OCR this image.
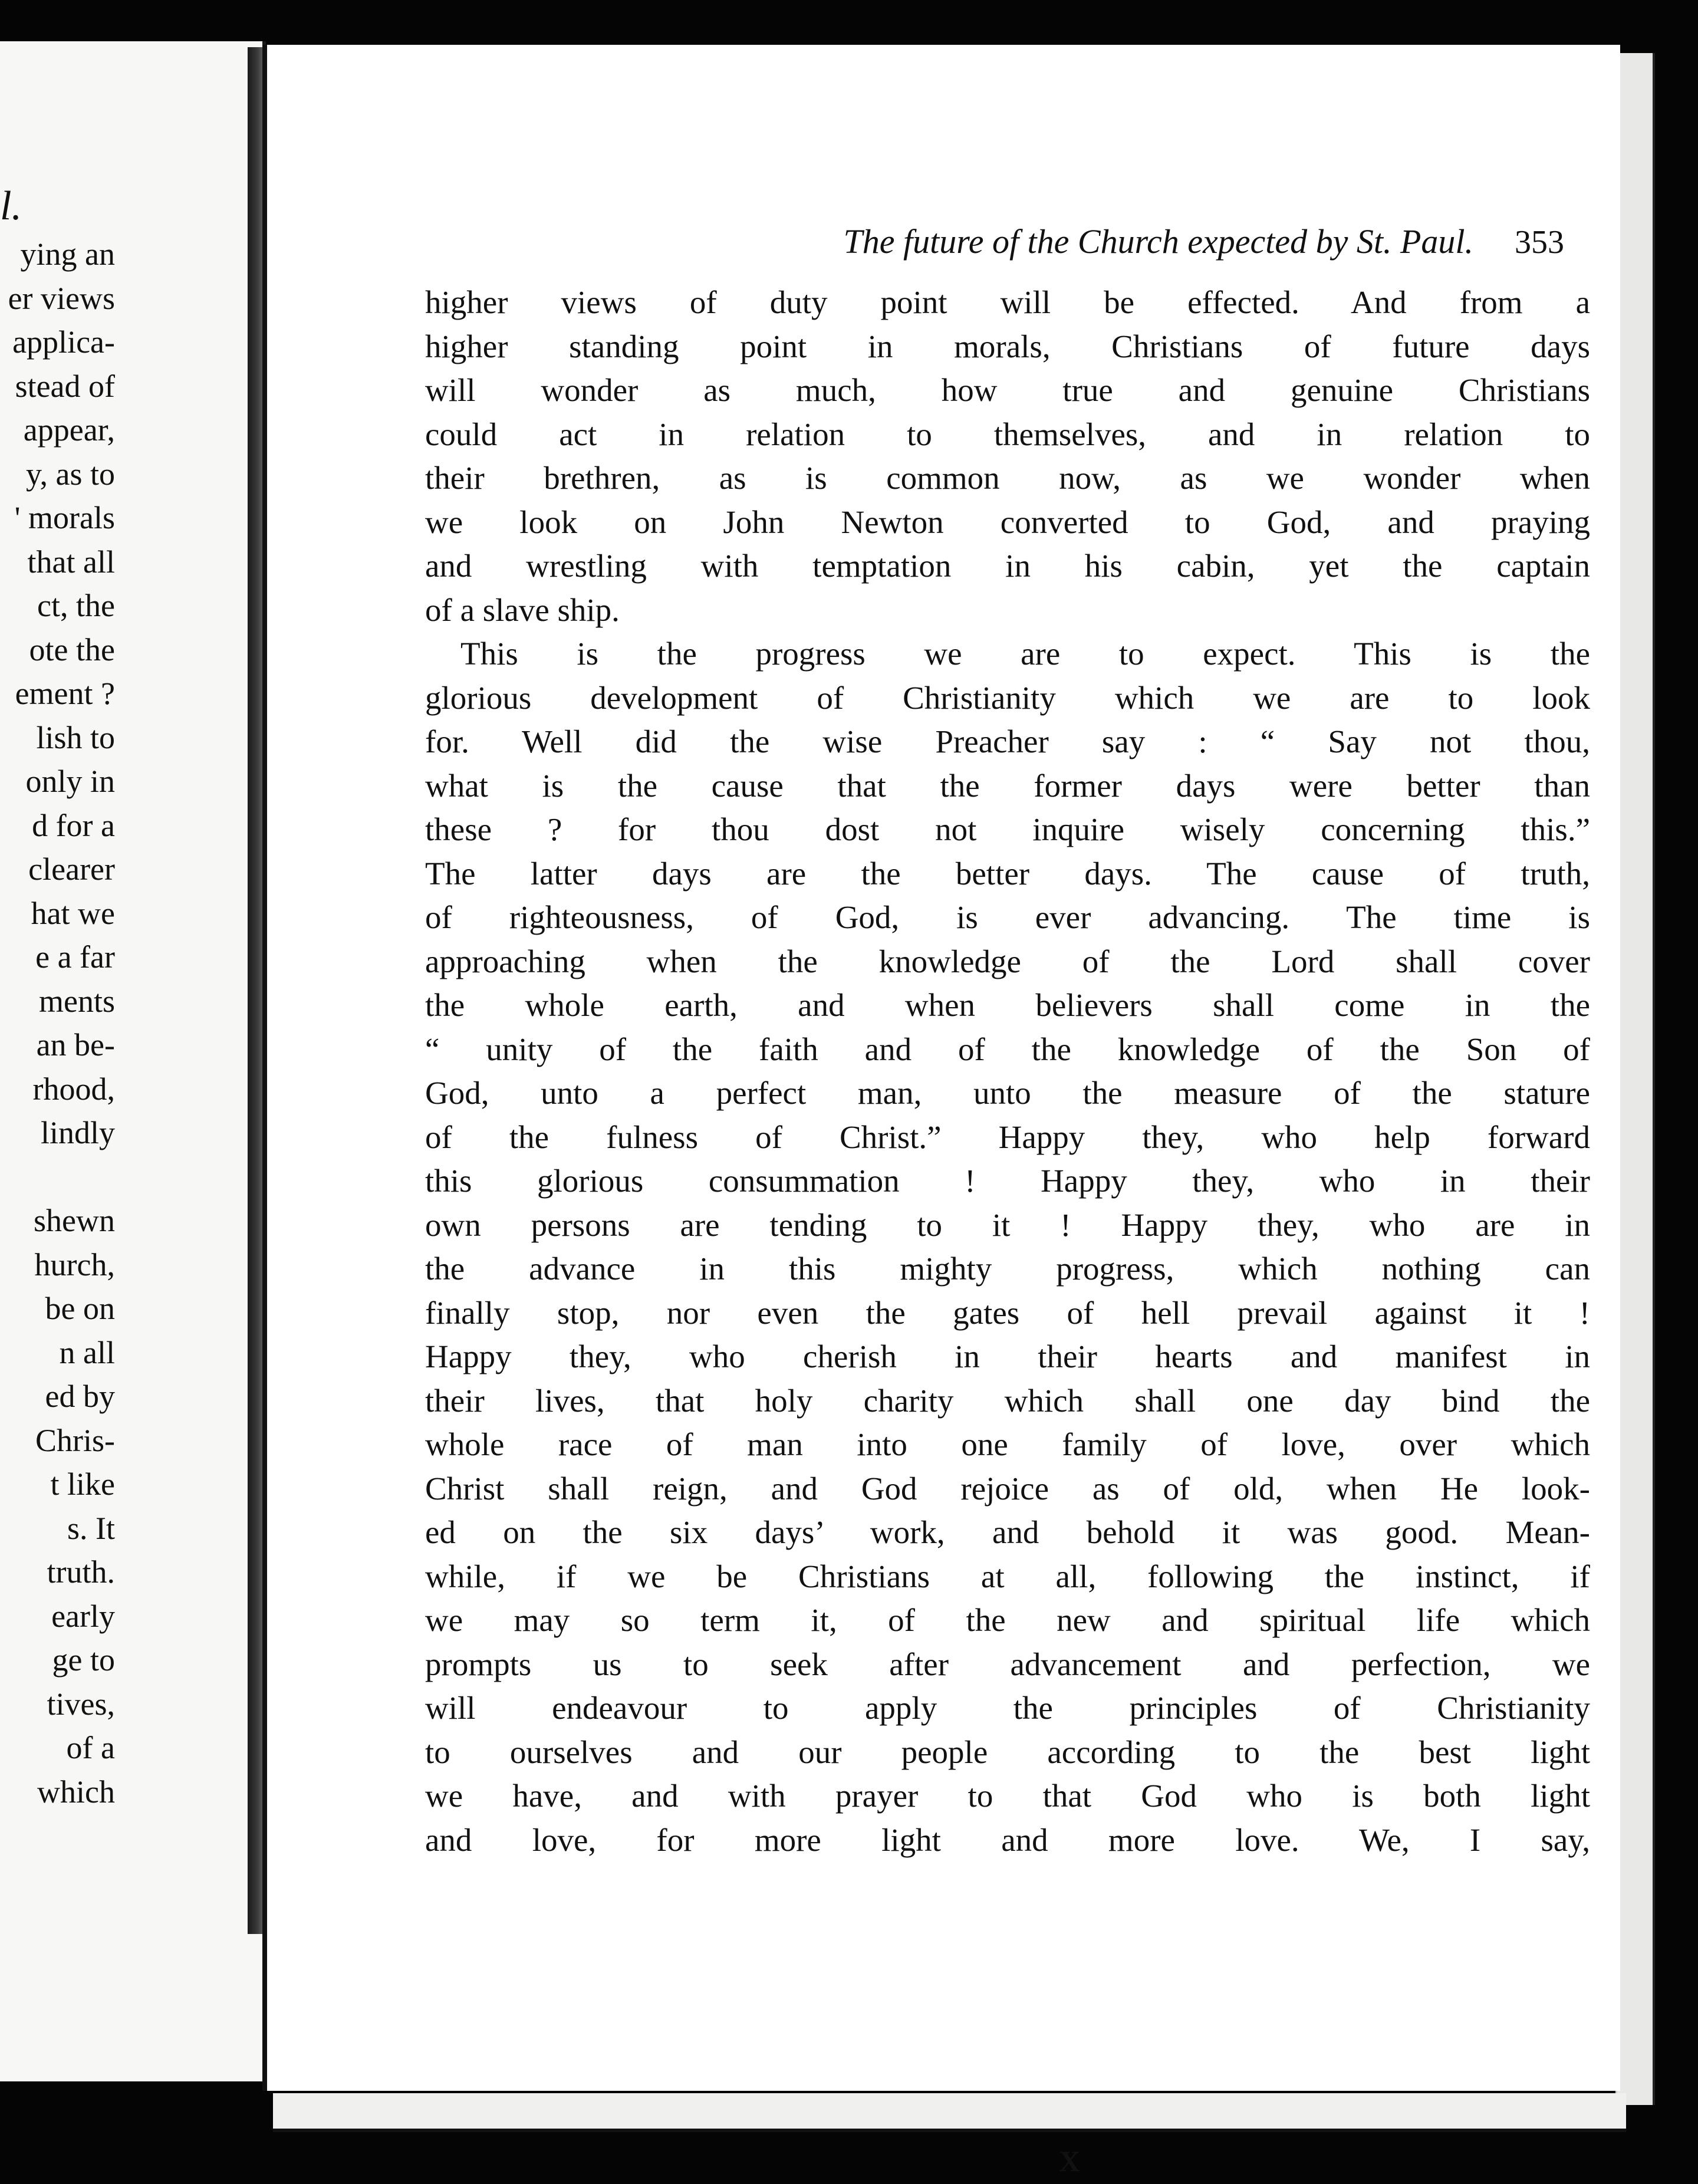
l.
ying an
er views
applica-
stead of
appear,
y, as to
' morals
that all
ct, the
ote the
ement ?
lish to
only in
d for a
clearer
hat we
e a far
ments
an be-
rhood,
lindly
shewn
hurch,
be on
n all
ed by
Chris-
t like
s. It
truth.
early
ge to
tives,
of a
which
The future of the Church expected by St. Paul. 353
higher views of duty point will be effected. And from a
higher standing point in morals, Christians of future days
will wonder as much, how true and genuine Christians
could act in relation to themselves, and in relation to
their brethren, as is common now, as we wonder when
we look on John Newton converted to God, and praying
and wrestling with temptation in his cabin, yet the captain
of a slave ship.
This is the progress we are to expect. This is the
glorious development of Christianity which we are to look
for. Well did the wise Preacher say : “ Say not thou,
what is the cause that the former days were better than
these ? for thou dost not inquire wisely concerning this.”
The latter days are the better days. The cause of truth,
of righteousness, of God, is ever advancing. The time is
approaching when the knowledge of the Lord shall cover
the whole earth, and when believers shall come in the
“ unity of the faith and of the knowledge of the Son of
God, unto a perfect man, unto the measure of the stature
of the fulness of Christ.” Happy they, who help forward
this glorious consummation ! Happy they, who in their
own persons are tending to it ! Happy they, who are in
the advance in this mighty progress, which nothing can
finally stop, nor even the gates of hell prevail against it !
Happy they, who cherish in their hearts and manifest in
their lives, that holy charity which shall one day bind the
whole race of man into one family of love, over which
Christ shall reign, and God rejoice as of old, when He look-
ed on the six days’ work, and behold it was good. Mean-
while, if we be Christians at all, following the instinct, if
we may so term it, of the new and spiritual life which
prompts us to seek after advancement and perfection, we
will endeavour to apply the principles of Christianity
to ourselves and our people according to the best light
we have, and with prayer to that God who is both light
and love, for more light and more love. We, I say,
X
